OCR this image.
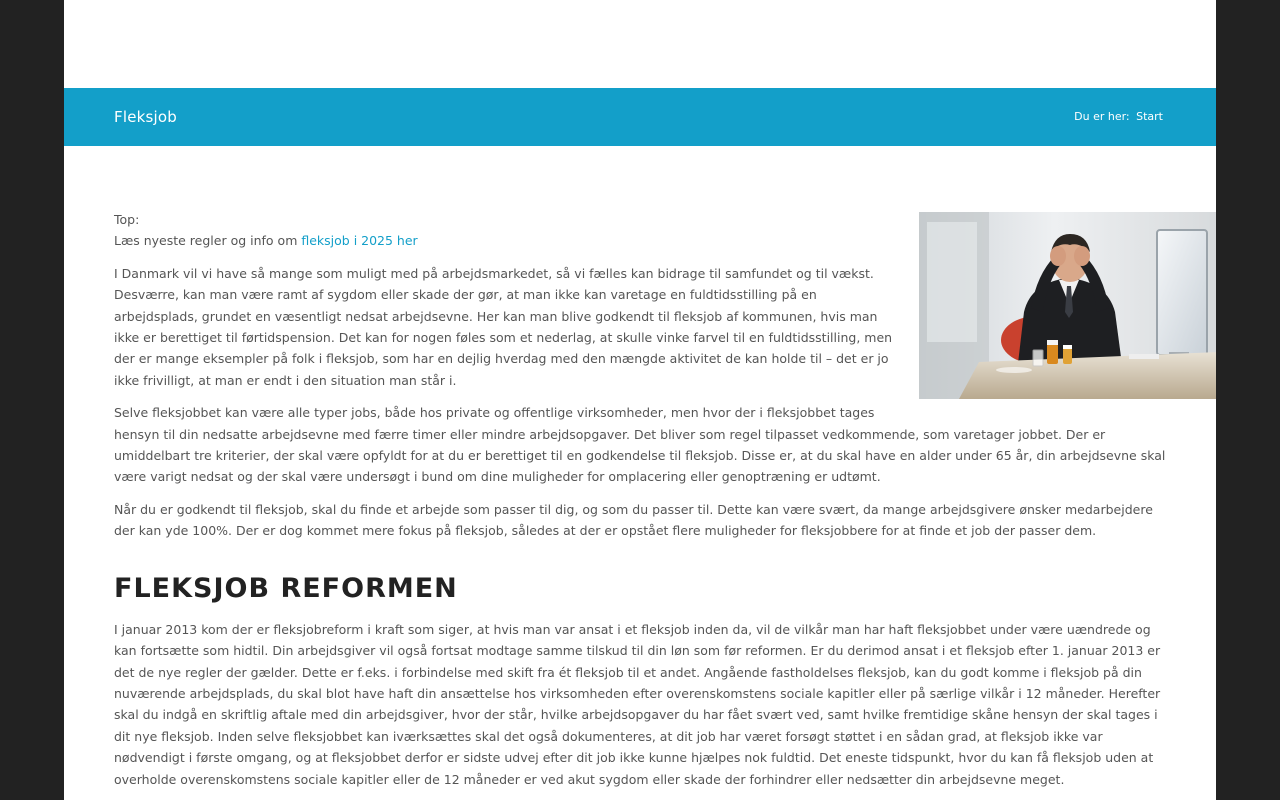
Fleksjob	Du er her: Start

Top:
Læs nyeste regler og info om fleksjob i 2025 her

I Danmark vil vi have så mange som muligt med på arbejdsmarkedet, så vi fælles kan bidrage til samfundet og til vækst. Desværre, kan man være ramt af sygdom eller skade der gør, at man ikke kan varetage en fuldtidsstilling på en arbejdsplads, grundet en væsentligt nedsat arbejdsevne. Her kan man blive godkendt til fleksjob af kommunen, hvis man ikke er berettiget til førtidspension. Det kan for nogen føles som et nederlag, at skulle vinke farvel til en fuldtidsstilling, men der er mange eksempler på folk i fleksjob, som har en dejlig hverdag med den mængde aktivitet de kan holde til – det er jo ikke frivilligt, at man er endt i den situation man står i.

Selve fleksjobbet kan være alle typer jobs, både hos private og offentlige virksomheder, men hvor der i fleksjobbet tages hensyn til din nedsatte arbejdsevne med færre timer eller mindre arbejdsopgaver. Det bliver som regel tilpasset vedkommende, som varetager jobbet. Der er umiddelbart tre kriterier, der skal være opfyldt for at du er berettiget til en godkendelse til fleksjob. Disse er, at du skal have en alder under 65 år, din arbejdsevne skal være varigt nedsat og der skal være undersøgt i bund om dine muligheder for omplacering eller genoptræning er udtømt.

Når du er godkendt til fleksjob, skal du finde et arbejde som passer til dig, og som du passer til. Dette kan være svært, da mange arbejdsgivere ønsker medarbejdere der kan yde 100%. Der er dog kommet mere fokus på fleksjob, således at der er opstået flere muligheder for fleksjobbere for at finde et job der passer dem.

FLEKSJOB REFORMEN

I januar 2013 kom der er fleksjobreform i kraft som siger, at hvis man var ansat i et fleksjob inden da, vil de vilkår man har haft fleksjobbet under være uændrede og kan fortsætte som hidtil. Din arbejdsgiver vil også fortsat modtage samme tilskud til din løn som før reformen. Er du derimod ansat i et fleksjob efter 1. januar 2013 er det de nye regler der gælder. Dette er f.eks. i forbindelse med skift fra ét fleksjob til et andet. Angående fastholdelses fleksjob, kan du godt komme i fleksjob på din nuværende arbejdsplads, du skal blot have haft din ansættelse hos virksomheden efter overenskomstens sociale kapitler eller på særlige vilkår i 12 måneder. Herefter skal du indgå en skriftlig aftale med din arbejdsgiver, hvor der står, hvilke arbejdsopgaver du har fået svært ved, samt hvilke fremtidige skåne hensyn der skal tages i dit nye fleksjob. Inden selve fleksjobbet kan iværksættes skal det også dokumenteres, at dit job har været forsøgt støttet i en sådan grad, at fleksjob ikke var nødvendigt i første omgang, og at fleksjobbet derfor er sidste udvej efter dit job ikke kunne hjælpes nok fuldtid. Det eneste tidspunkt, hvor du kan få fleksjob uden at overholde overenskomstens sociale kapitler eller de 12 måneder er ved akut sygdom eller skade der forhindrer eller nedsætter din arbejdsevne meget.
